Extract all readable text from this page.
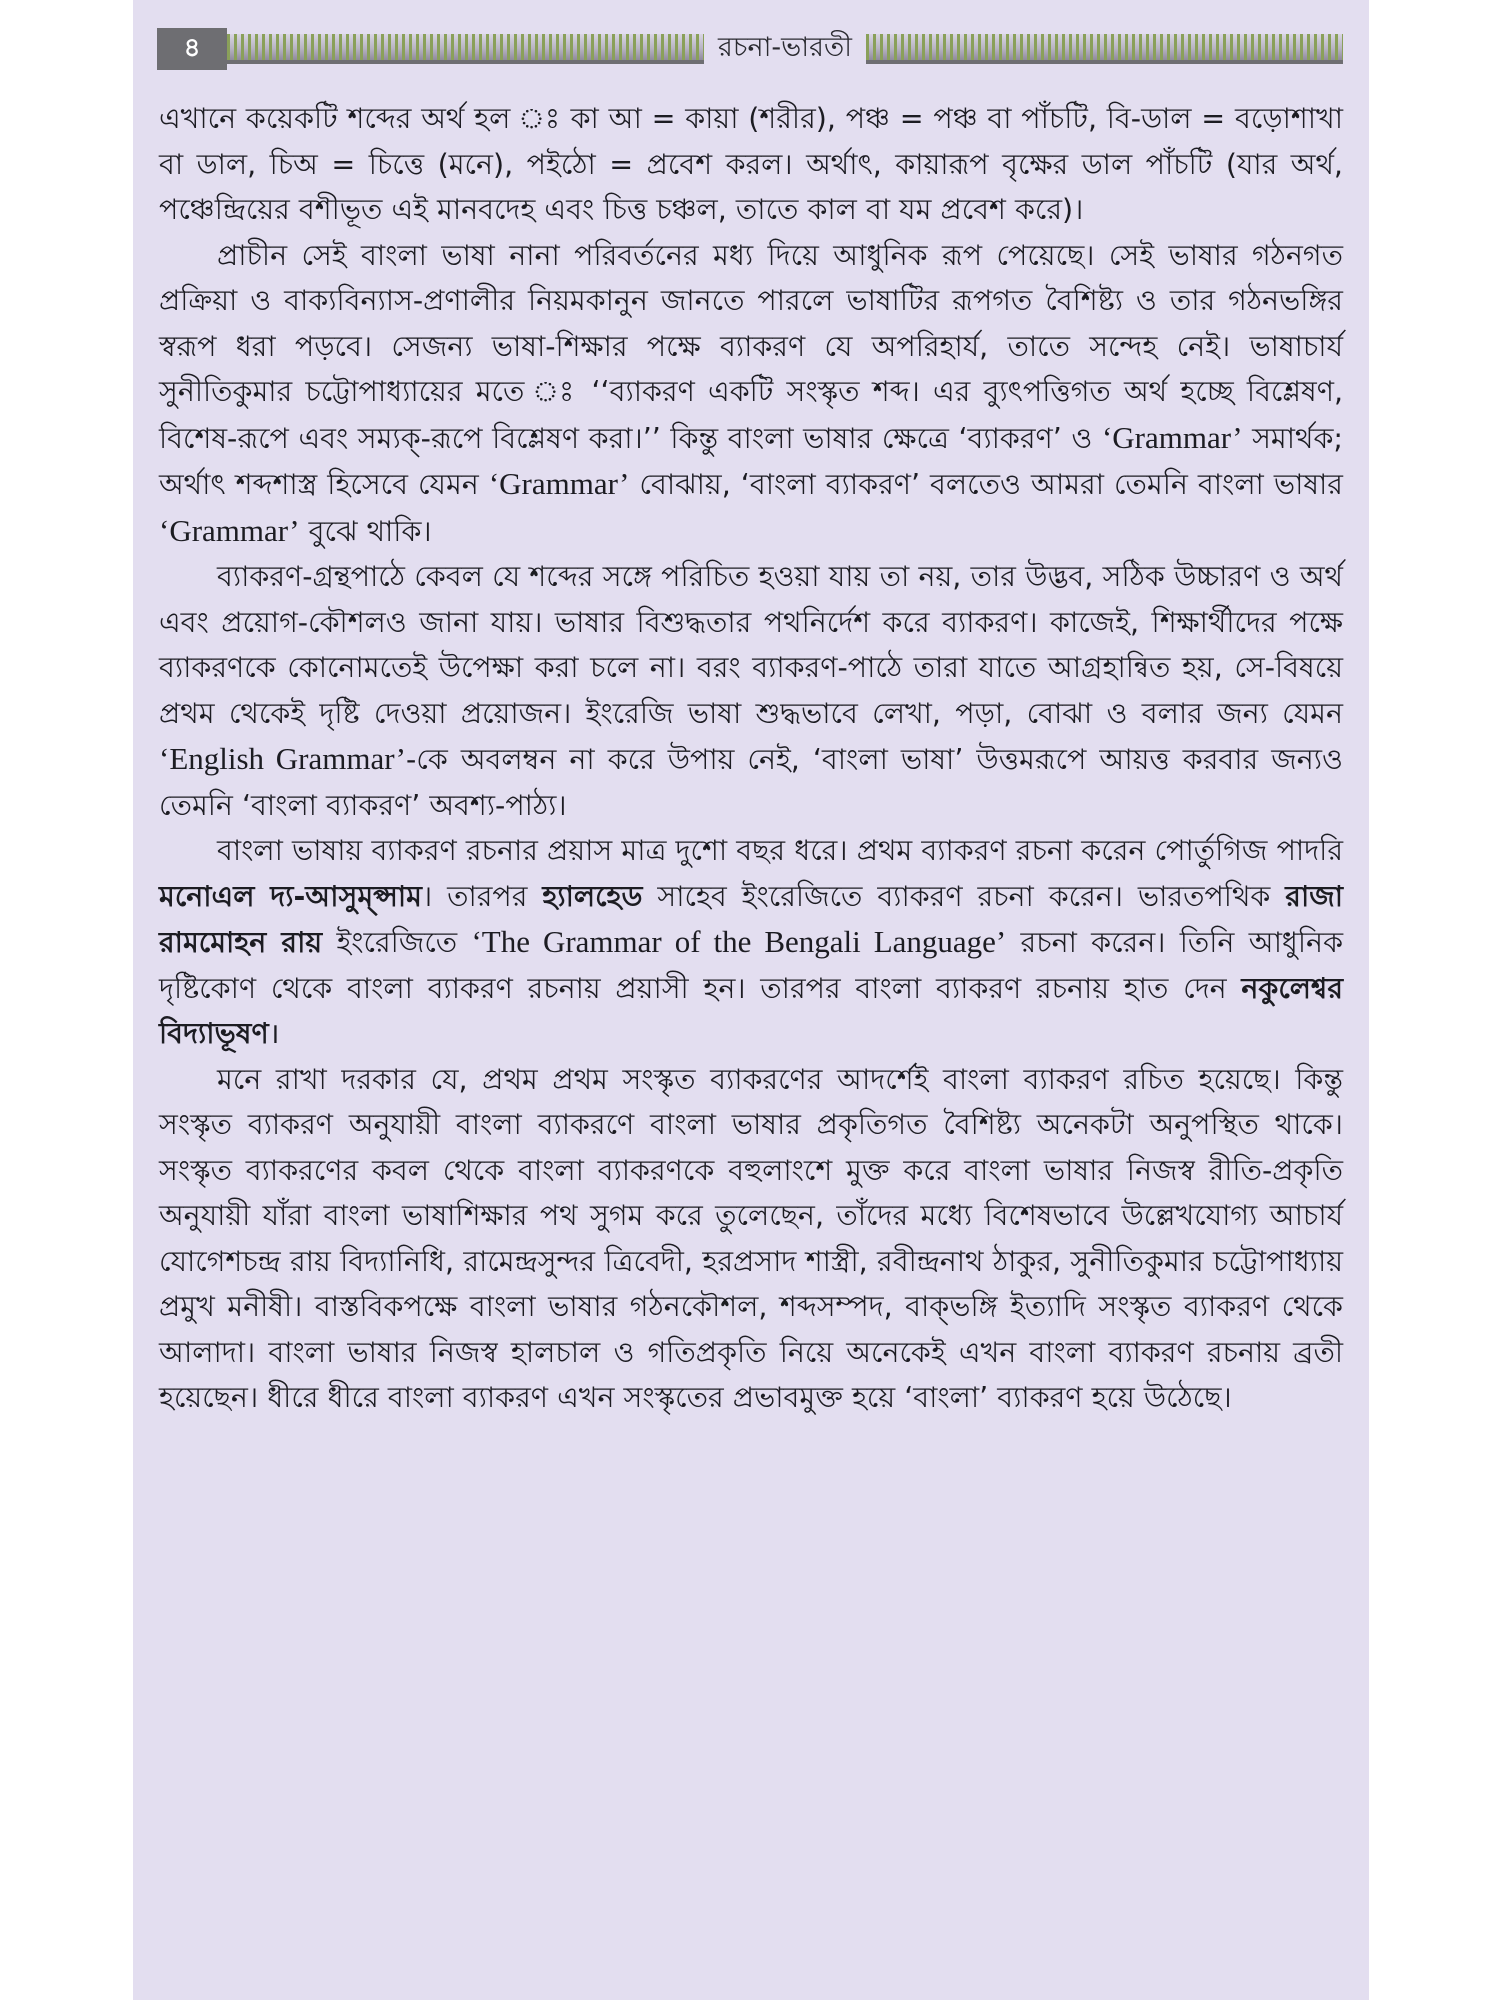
৪	রচনা-ভারতী

এখানে কয়েকটি শব্দের অর্থ হল ঃ কা আ = কায়া (শরীর), পঞ্চ = পঞ্চ বা পাঁচটি, বি-ডাল = বড়োশাখা বা ডাল, চিঅ = চিত্তে (মনে), পইঠো = প্রবেশ করল। অর্থাৎ, কায়ারূপ বৃক্ষের ডাল পাঁচটি (যার অর্থ, পঞ্চেন্দ্রিয়ের বশীভূত এই মানবদেহ এবং চিত্ত চঞ্চল, তাতে কাল বা যম প্রবেশ করে)।

প্রাচীন সেই বাংলা ভাষা নানা পরিবর্তনের মধ্য দিয়ে আধুনিক রূপ পেয়েছে। সেই ভাষার গঠনগত প্রক্রিয়া ও বাক্যবিন্যাস-প্রণালীর নিয়মকানুন জানতে পারলে ভাষাটির রূপগত বৈশিষ্ট্য ও তার গঠনভঙ্গির স্বরূপ ধরা পড়বে। সেজন্য ভাষা-শিক্ষার পক্ষে ব্যাকরণ যে অপরিহার্য, তাতে সন্দেহ নেই। ভাষাচার্য সুনীতিকুমার চট্টোপাধ্যায়ের মতে ঃ ‘‘ব্যাকরণ একটি সংস্কৃত শব্দ। এর ব্যুৎপত্তিগত অর্থ হচ্ছে বিশ্লেষণ, বিশেষ-রূপে এবং সম্যক্‌-রূপে বিশ্লেষণ করা।’’ কিন্তু বাংলা ভাষার ক্ষেত্রে ‘ব্যাকরণ’ ও ‘Grammar’ সমার্থক; অর্থাৎ শব্দশাস্ত্র হিসেবে যেমন ‘Grammar’ বোঝায়, ‘বাংলা ব্যাকরণ’ বলতেও আমরা তেমনি বাংলা ভাষার ‘Grammar’ বুঝে থাকি।

ব্যাকরণ-গ্রন্থপাঠে কেবল যে শব্দের সঙ্গে পরিচিত হওয়া যায় তা নয়, তার উদ্ভব, সঠিক উচ্চারণ ও অর্থ এবং প্রয়োগ-কৌশলও জানা যায়। ভাষার বিশুদ্ধতার পথনির্দেশ করে ব্যাকরণ। কাজেই, শিক্ষার্থীদের পক্ষে ব্যাকরণকে কোনোমতেই উপেক্ষা করা চলে না। বরং ব্যাকরণ-পাঠে তারা যাতে আগ্রহান্বিত হয়, সে-বিষয়ে প্রথম থেকেই দৃষ্টি দেওয়া প্রয়োজন। ইংরেজি ভাষা শুদ্ধভাবে লেখা, পড়া, বোঝা ও বলার জন্য যেমন ‘English Grammar’-কে অবলম্বন না করে উপায় নেই, ‘বাংলা ভাষা’ উত্তমরূপে আয়ত্ত করবার জন্যও তেমনি ‘বাংলা ব্যাকরণ’ অবশ্য-পাঠ্য।

বাংলা ভাষায় ব্যাকরণ রচনার প্রয়াস মাত্র দুশো বছর ধরে। প্রথম ব্যাকরণ রচনা করেন পোর্তুগিজ পাদরি মনোএল দ্য-আসুম্প্সাম। তারপর হ্যালহেড সাহেব ইংরেজিতে ব্যাকরণ রচনা করেন। ভারতপথিক রাজা রামমোহন রায় ইংরেজিতে ‘The Grammar of the Bengali Language’ রচনা করেন। তিনি আধুনিক দৃষ্টিকোণ থেকে বাংলা ব্যাকরণ রচনায় প্রয়াসী হন। তারপর বাংলা ব্যাকরণ রচনায় হাত দেন নকুলেশ্বর বিদ্যাভূষণ।

মনে রাখা দরকার যে, প্রথম প্রথম সংস্কৃত ব্যাকরণের আদর্শেই বাংলা ব্যাকরণ রচিত হয়েছে। কিন্তু সংস্কৃত ব্যাকরণ অনুযায়ী বাংলা ব্যাকরণে বাংলা ভাষার প্রকৃতিগত বৈশিষ্ট্য অনেকটা অনুপস্থিত থাকে। সংস্কৃত ব্যাকরণের কবল থেকে বাংলা ব্যাকরণকে বহুলাংশে মুক্ত করে বাংলা ভাষার নিজস্ব রীতি-প্রকৃতি অনুযায়ী যাঁরা বাংলা ভাষাশিক্ষার পথ সুগম করে তুলেছেন, তাঁদের মধ্যে বিশেষভাবে উল্লেখযোগ্য আচার্য যোগেশচন্দ্র রায় বিদ্যানিধি, রামেন্দ্রসুন্দর ত্রিবেদী, হরপ্রসাদ শাস্ত্রী, রবীন্দ্রনাথ ঠাকুর, সুনীতিকুমার চট্টোপাধ্যায় প্রমুখ মনীষী। বাস্তবিকপক্ষে বাংলা ভাষার গঠনকৌশল, শব্দসম্পদ, বাক্‌ভঙ্গি ইত্যাদি সংস্কৃত ব্যাকরণ থেকে আলাদা। বাংলা ভাষার নিজস্ব হালচাল ও গতিপ্রকৃতি নিয়ে অনেকেই এখন বাংলা ব্যাকরণ রচনায় ব্রতী হয়েছেন। ধীরে ধীরে বাংলা ব্যাকরণ এখন সংস্কৃতের প্রভাবমুক্ত হয়ে ‘বাংলা’ ব্যাকরণ হয়ে উঠেছে।
